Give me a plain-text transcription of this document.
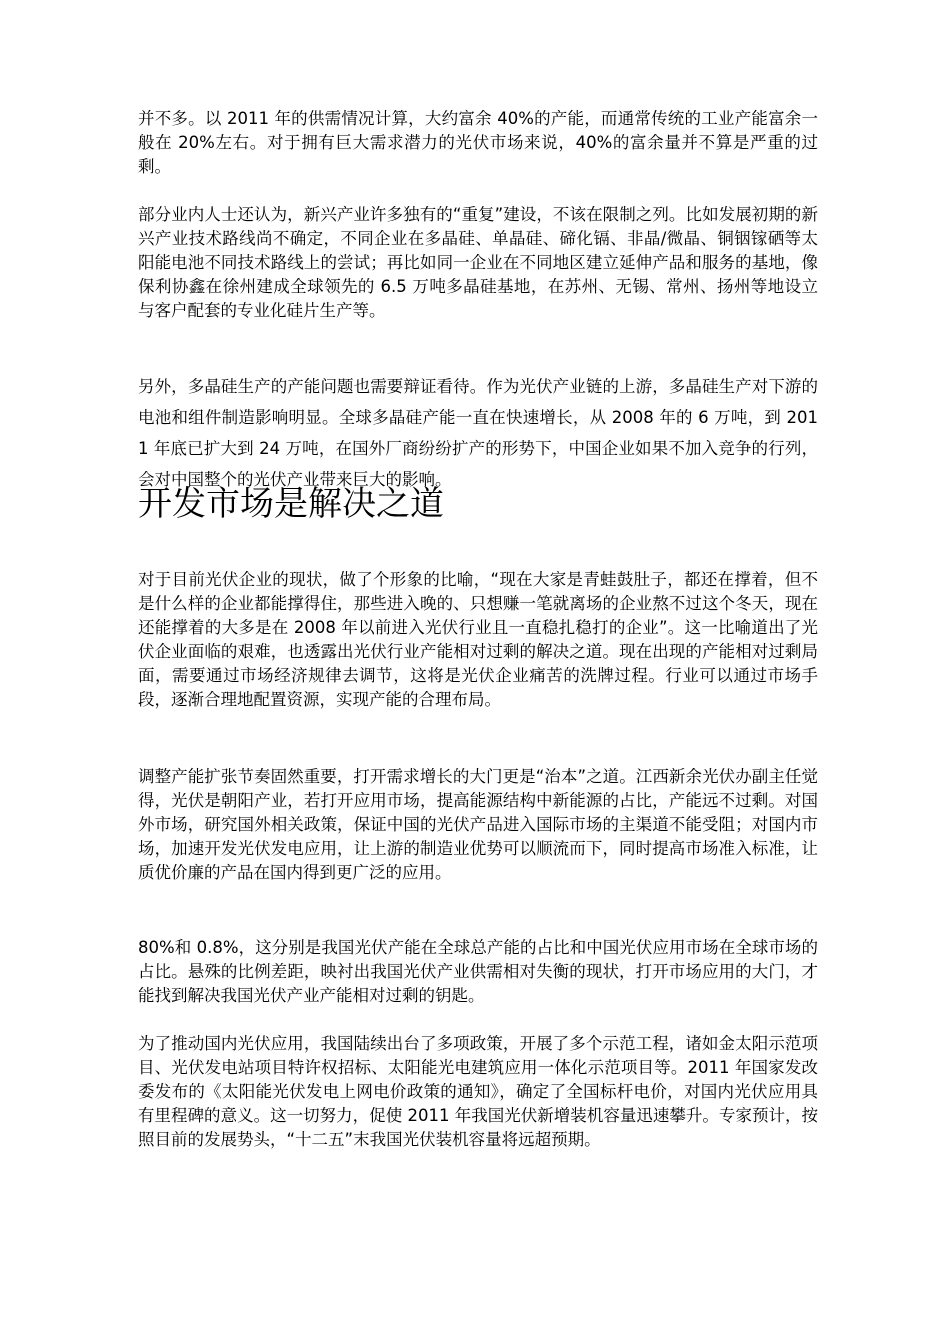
并不多。以 2011 年的供需情况计算，大约富余 40%的产能，而通常传统的工业产能富余一般在 20%左右。对于拥有巨大需求潜力的光伏市场来说，40%的富余量并不算是严重的过剩。

部分业内人士还认为，新兴产业许多独有的“重复”建设，不该在限制之列。比如发展初期的新兴产业技术路线尚不确定，不同企业在多晶硅、单晶硅、碲化镉、非晶/微晶、铜铟镓硒等太阳能电池不同技术路线上的尝试；再比如同一企业在不同地区建立延伸产品和服务的基地，像保利协鑫在徐州建成全球领先的 6.5 万吨多晶硅基地，在苏州、无锡、常州、扬州等地设立与客户配套的专业化硅片生产等。

另外，多晶硅生产的产能问题也需要辩证看待。作为光伏产业链的上游，多晶硅生产对下游的电池和组件制造影响明显。全球多晶硅产能一直在快速增长，从 2008 年的 6 万吨，到 2011 年底已扩大到 24 万吨，在国外厂商纷纷扩产的形势下，中国企业如果不加入竞争的行列，会对中国整个的光伏产业带来巨大的影响。

开发市场是解决之道

对于目前光伏企业的现状，做了个形象的比喻，“现在大家是青蛙鼓肚子，都还在撑着，但不是什么样的企业都能撑得住，那些进入晚的、只想赚一笔就离场的企业熬不过这个冬天，现在还能撑着的大多是在 2008 年以前进入光伏行业且一直稳扎稳打的企业”。这一比喻道出了光伏企业面临的艰难，也透露出光伏行业产能相对过剩的解决之道。现在出现的产能相对过剩局面，需要通过市场经济规律去调节，这将是光伏企业痛苦的洗牌过程。行业可以通过市场手段，逐渐合理地配置资源，实现产能的合理布局。

调整产能扩张节奏固然重要，打开需求增长的大门更是“治本”之道。江西新余光伏办副主任觉得，光伏是朝阳产业，若打开应用市场，提高能源结构中新能源的占比，产能远不过剩。对国外市场，研究国外相关政策，保证中国的光伏产品进入国际市场的主渠道不能受阻；对国内市场，加速开发光伏发电应用，让上游的制造业优势可以顺流而下，同时提高市场准入标准，让质优价廉的产品在国内得到更广泛的应用。

80%和 0.8%，这分别是我国光伏产能在全球总产能的占比和中国光伏应用市场在全球市场的占比。悬殊的比例差距，映衬出我国光伏产业供需相对失衡的现状，打开市场应用的大门，才能找到解决我国光伏产业产能相对过剩的钥匙。

为了推动国内光伏应用，我国陆续出台了多项政策，开展了多个示范工程，诸如金太阳示范项目、光伏发电站项目特许权招标、太阳能光电建筑应用一体化示范项目等。2011 年国家发改委发布的《太阳能光伏发电上网电价政策的通知》，确定了全国标杆电价，对国内光伏应用具有里程碑的意义。这一切努力，促使 2011 年我国光伏新增装机容量迅速攀升。专家预计，按照目前的发展势头，“十二五”末我国光伏装机容量将远超预期。
